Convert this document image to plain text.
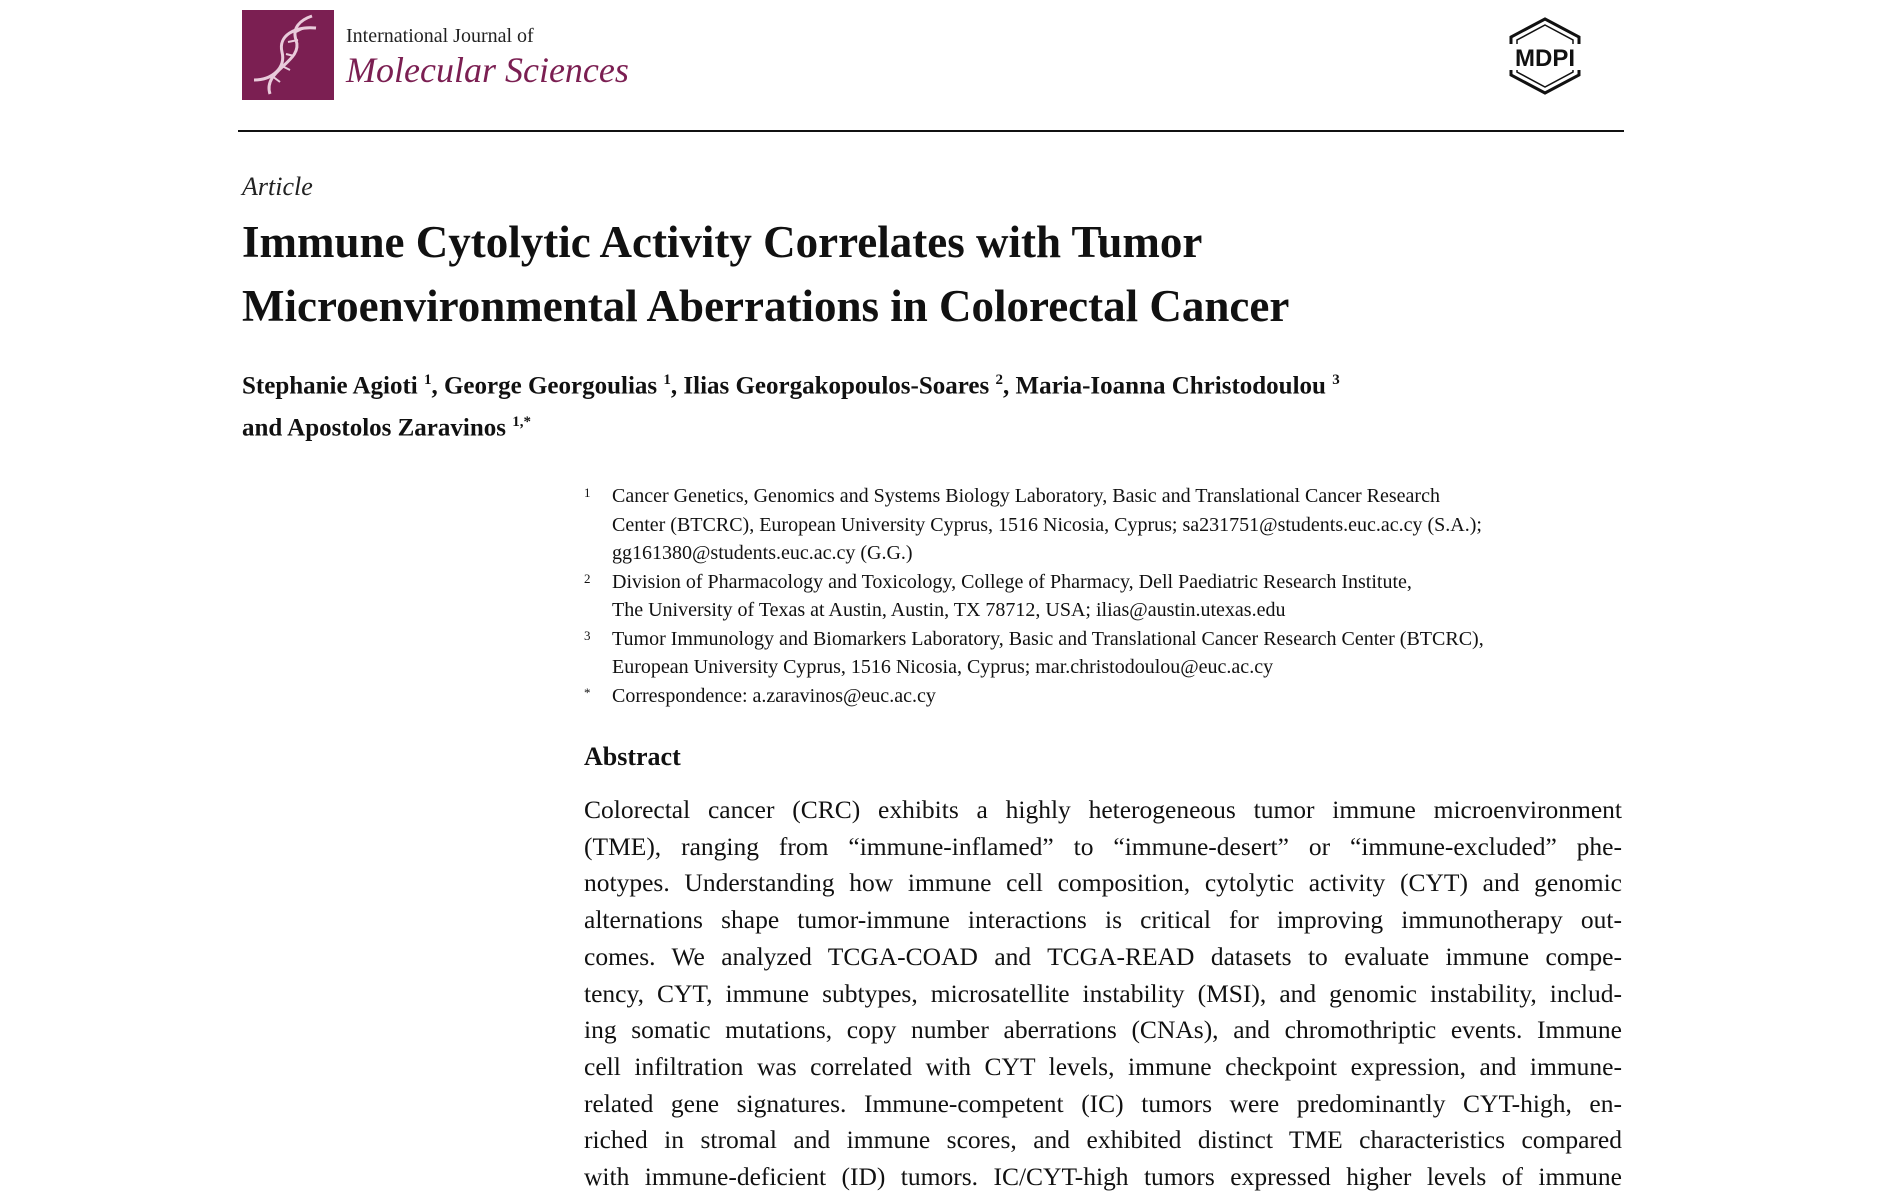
International Journal of
Molecular Sciences	MDPI
Article
Immune Cytolytic Activity Correlates with Tumor
Microenvironmental Aberrations in Colorectal Cancer
Stephanie Agioti $^1$, George Georgoulias $^1$, Ilias Georgakopoulos-Soares $^2$, Maria-Ioanna Christodoulou $^3$
and Apostolos Zaravinos $^{1,*}$
1 Cancer Genetics, Genomics and Systems Biology Laboratory, Basic and Translational Cancer Research
Center (BTCRC), European University Cyprus, 1516 Nicosia, Cyprus; sa231751@students.euc.ac.cy (S.A.);
gg161380@students.euc.ac.cy (G.G.)
2 Division of Pharmacology and Toxicology, College of Pharmacy, Dell Paediatric Research Institute,
The University of Texas at Austin, Austin, TX 78712, USA; ilias@austin.utexas.edu
3 Tumor Immunology and Biomarkers Laboratory, Basic and Translational Cancer Research Center (BTCRC),
European University Cyprus, 1516 Nicosia, Cyprus; mar.christodoulou@euc.ac.cy
* Correspondence: a.zaravinos@euc.ac.cy
Abstract
Colorectal cancer (CRC) exhibits a highly heterogeneous tumor immune microenvironment
(TME), ranging from “immune-inflamed” to “immune-desert” or “immune-excluded” phe-
notypes. Understanding how immune cell composition, cytolytic activity (CYT) and genomic
alternations shape tumor-immune interactions is critical for improving immunotherapy out-
comes. We analyzed TCGA-COAD and TCGA-READ datasets to evaluate immune compe-
tency, CYT, immune subtypes, microsatellite instability (MSI), and genomic instability, includ-
ing somatic mutations, copy number aberrations (CNAs), and chromothriptic events. Immune
cell infiltration was correlated with CYT levels, immune checkpoint expression, and immune-
related gene signatures. Immune-competent (IC) tumors were predominantly CYT-high, en-
riched in stromal and immune scores, and exhibited distinct TME characteristics compared
with immune-deficient (ID) tumors. IC/CYT-high tumors expressed higher levels of immune
